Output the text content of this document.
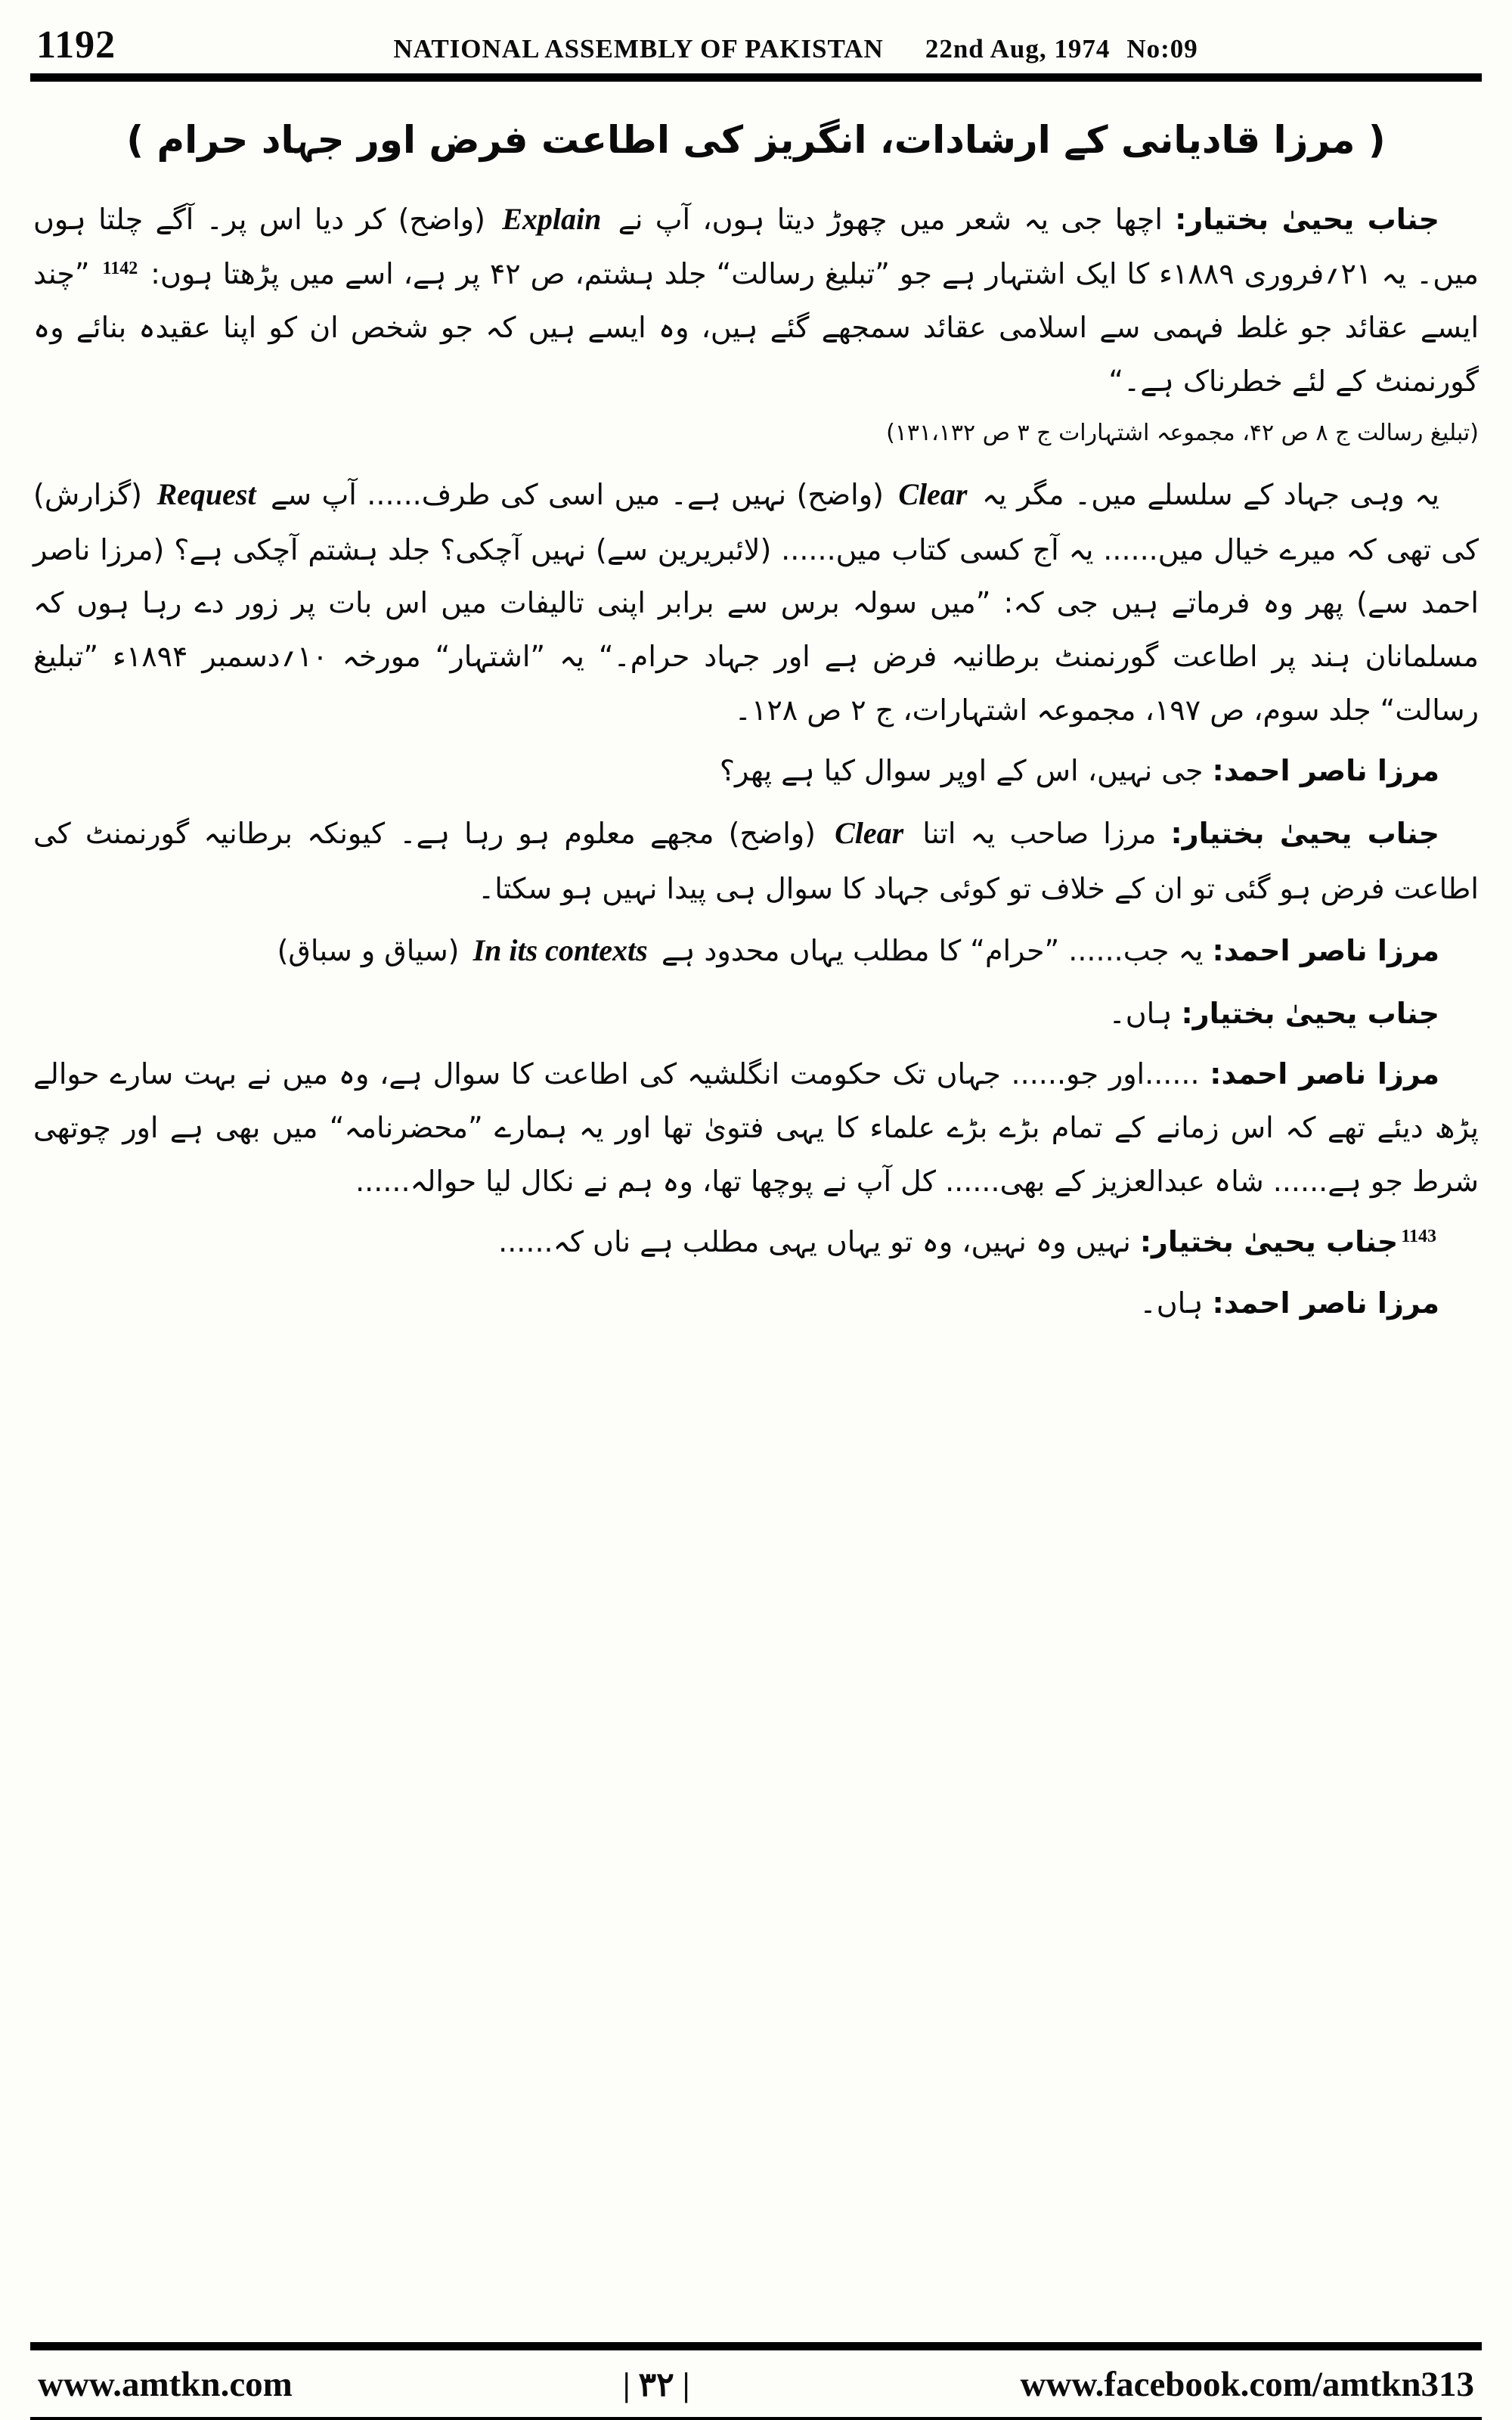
1192	NATIONAL ASSEMBLY OF PAKISTAN 22nd Aug, 1974 No:09
( مرزا قادیانی کے ارشادات، انگریز کی اطاعت فرض اور جہاد حرام )
جناب یحییٰ بختیار: اچھا جی یہ شعر میں چھوڑ دیتا ہوں، آپ نے Explain (واضح) کر دیا اس پر۔ آگے چلتا ہوں میں۔ یہ ۲۱؍فروری ۱۸۸۹ء کا ایک اشتہار ہے جو ”تبلیغ رسالت“ جلد ہشتم، ص ۴۲ پر ہے، اسے میں پڑھتا ہوں: $^{1142}$ ”چند ایسے عقائد جو غلط فہمی سے اسلامی عقائد سمجھے گئے ہیں، وہ ایسے ہیں کہ جو شخص ان کو اپنا عقیدہ بنائے وہ گورنمنٹ کے لئے خطرناک ہے۔“
(تبلیغ رسالت ج ۸ ص ۴۲، مجموعہ اشتہارات ج ۳ ص ۱۳۱،۱۳۲)
یہ وہی جہاد کے سلسلے میں۔ مگر یہ Clear (واضح) نہیں ہے۔ میں اسی کی طرف...... آپ سے Request (گزارش) کی تھی کہ میرے خیال میں...... یہ آج کسی کتاب میں...... (لائبریرین سے) نہیں آچکی؟ جلد ہشتم آچکی ہے؟ (مرزا ناصر احمد سے) پھر وہ فرماتے ہیں جی کہ: ”میں سولہ برس سے برابر اپنی تالیفات میں اس بات پر زور دے رہا ہوں کہ مسلمانان ہند پر اطاعت گورنمنٹ برطانیہ فرض ہے اور جہاد حرام۔“ یہ ”اشتہار“ مورخہ ۱۰؍دسمبر ۱۸۹۴ء ”تبلیغ رسالت“ جلد سوم، ص ۱۹۷، مجموعہ اشتہارات، ج ۲ ص ۱۲۸۔
مرزا ناصر احمد: جی نہیں، اس کے اوپر سوال کیا ہے پھر؟
جناب یحییٰ بختیار: مرزا صاحب یہ اتنا Clear (واضح) مجھے معلوم ہو رہا ہے۔ کیونکہ برطانیہ گورنمنٹ کی اطاعت فرض ہو گئی تو ان کے خلاف تو کوئی جہاد کا سوال ہی پیدا نہیں ہو سکتا۔
مرزا ناصر احمد: یہ جب...... ”حرام“ کا مطلب یہاں محدود ہے In its contexts (سیاق و سباق)
جناب یحییٰ بختیار: ہاں۔
مرزا ناصر احمد: ......اور جو...... جہاں تک حکومت انگلشیہ کی اطاعت کا سوال ہے، وہ میں نے بہت سارے حوالے پڑھ دیئے تھے کہ اس زمانے کے تمام بڑے بڑے علماء کا یہی فتویٰ تھا اور یہ ہمارے ”محضرنامہ“ میں بھی ہے اور چوتھی شرط جو ہے...... شاہ عبدالعزیز کے بھی...... کل آپ نے پوچھا تھا، وہ ہم نے نکال لیا حوالہ......
$^{1143}$جناب یحییٰ بختیار: نہیں وہ نہیں، وہ تو یہاں یہی مطلب ہے ناں کہ......
مرزا ناصر احمد: ہاں۔
www.amtkn.com	| ۳۲ |	www.facebook.com/amtkn313
